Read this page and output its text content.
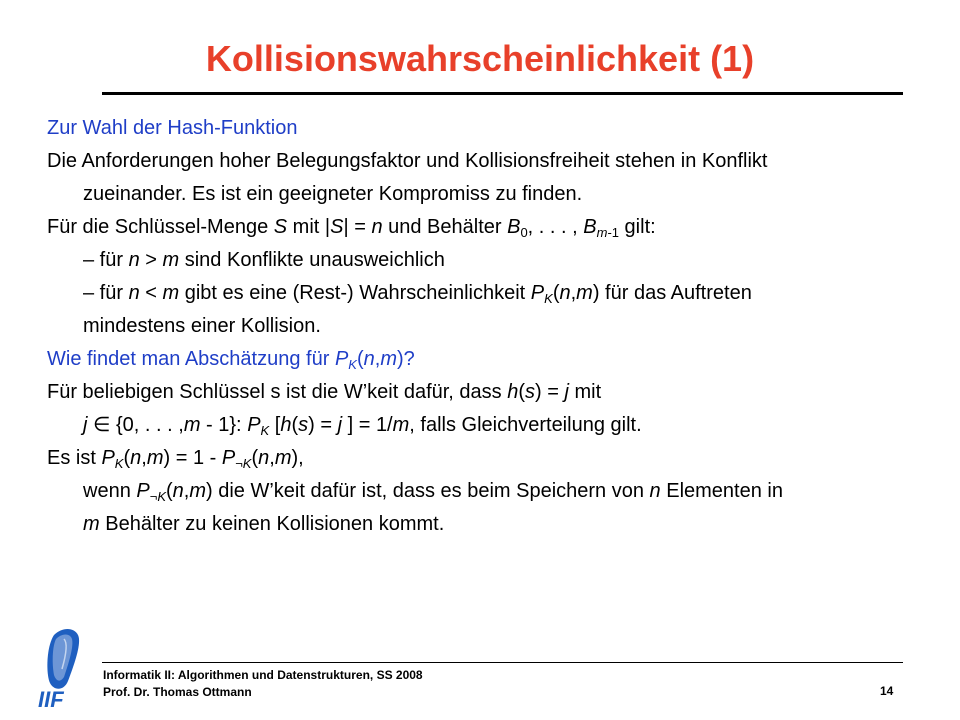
Kollisionswahrscheinlichkeit (1)

Zur Wahl der Hash-Funktion

Die Anforderungen hoher Belegungsfaktor und Kollisionsfreiheit stehen in Konflikt

zueinander. Es ist ein geeigneter Kompromiss zu finden.

Für die Schlüssel-Menge S mit |S| = n und Behälter $B_0$, . . . , $B_{m-1}$ gilt:

– für n > m sind Konflikte unausweichlich

– für n < m gibt es eine (Rest-) Wahrscheinlichkeit $P_K(n,m)$ für das Auftreten

mindestens einer Kollision.

Wie findet man Abschätzung für $P_K(n,m)$?

Für beliebigen Schlüssel s ist die W’keit dafür, dass h(s) = j mit

j ∈ {0, . . . ,m - 1}: $P_K$ [h(s) = j ] = 1/m, falls Gleichverteilung gilt.

Es ist $P_K(n,m) = 1 - P_{\neg K}(n,m)$,

wenn $P_{\neg K}(n,m)$ die W’keit dafür ist, dass es beim Speichern von n Elementen in

m Behälter zu keinen Kollisionen kommt.

IIF
Informatik II: Algorithmen und Datenstrukturen, SS 2008
Prof. Dr. Thomas Ottmann	14
